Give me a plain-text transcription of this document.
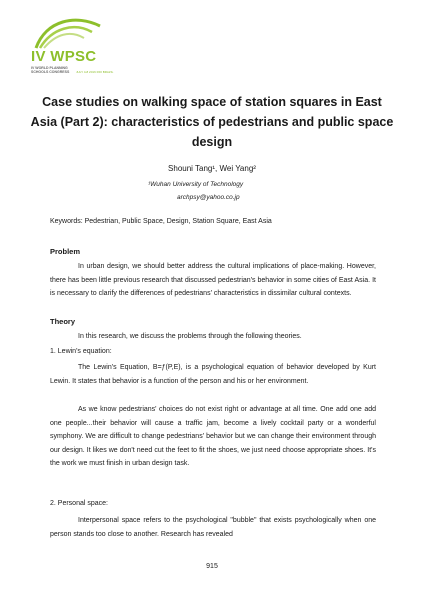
IV WPSC
IV WORLD PLANNING SCHOOLS CONGRESS	JULY 4-8 2016 RIO BRAZIL
Case studies on walking space of station squares in East Asia (Part 2): characteristics of pedestrians and public space design
Shouni Tang¹, Wei Yang²
¹Wuhan University of Technology
archpsy@yahoo.co.jp
Keywords: Pedestrian, Public Space, Design, Station Square, East Asia
Problem
In urban design, we should better address the cultural implications of place-making. However, there has been little previous research that discussed pedestrian's behavior in some cities of East Asia. It is necessary to clarify the differences of pedestrians' characteristics in dissimilar cultural contexts.
Theory
In this research, we discuss the problems through the following theories.
1. Lewin's equation:
The Lewin's Equation, B=ƒ(P,E), is a psychological equation of behavior developed by Kurt Lewin. It states that behavior is a function of the person and his or her environment.
As we know pedestrians' choices do not exist right or advantage at all time. One add one add one people...their behavior will cause a traffic jam, become a lively cocktail party or a wonderful symphony. We are difficult to change pedestrians' behavior but we can change their environment through our design. It likes we don't need cut the feet to fit the shoes, we just need choose appropriate shoes. It's the work we must finish in urban design task.
2. Personal space:
Interpersonal space refers to the psychological "bubble" that exists psychologically when one person stands too close to another. Research has revealed
915
